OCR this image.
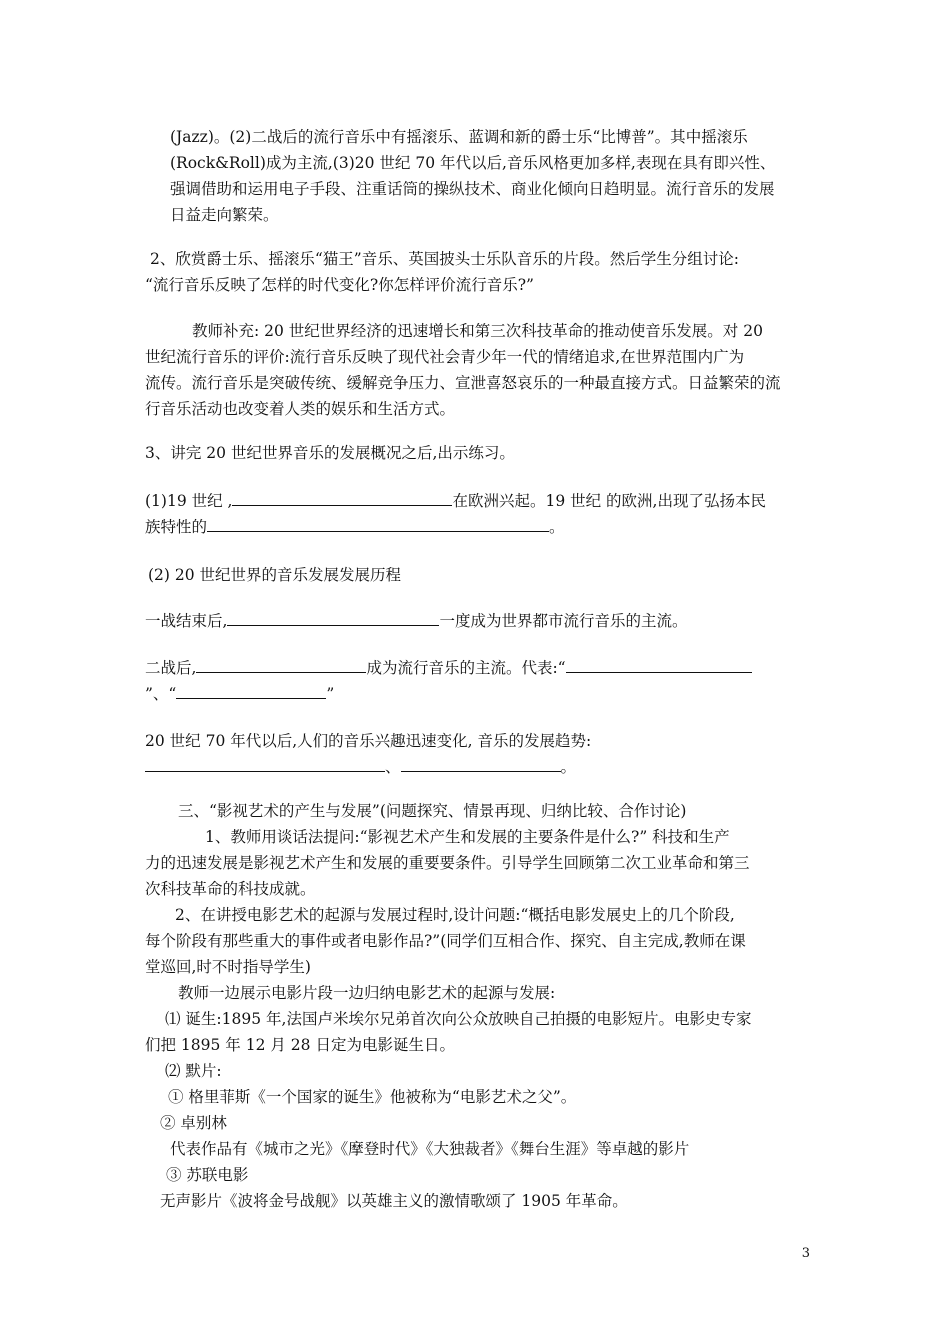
(Jazz)。(2)二战后的流行音乐中有摇滚乐、蓝调和新的爵士乐“比博普”。其中摇滚乐
(Rock&Roll)成为主流,(3)20 世纪 70 年代以后,音乐风格更加多样,表现在具有即兴性、
强调借助和运用电子手段、注重话筒的操纵技术、商业化倾向日趋明显。流行音乐的发展
日益走向繁荣。
2、欣赏爵士乐、摇滚乐“猫王”音乐、英国披头士乐队音乐的片段。然后学生分组讨论:
“流行音乐反映了怎样的时代变化?你怎样评价流行音乐?”
教师补充: 20 世纪世界经济的迅速增长和第三次科技革命的推动使音乐发展。对 20
世纪流行音乐的评价:流行音乐反映了现代社会青少年一代的情绪追求,在世界范围内广为
流传。流行音乐是突破传统、缓解竞争压力、宣泄喜怒哀乐的一种最直接方式。日益繁荣的流
行音乐活动也改变着人类的娱乐和生活方式。
3、讲完 20 世纪世界音乐的发展概况之后,出示练习。
(1)19 世纪 ,	在欧洲兴起。19 世纪 的欧洲,出现了弘扬本民
族特性的	。
(2) 20 世纪世界的音乐发展发展历程
一战结束后,	一度成为世界都市流行音乐的主流。
二战后,	成为流行音乐的主流。代表:“
”、“	”
20 世纪 70 年代以后,人们的音乐兴趣迅速变化, 音乐的发展趋势:
、	。
三、“影视艺术的产生与发展”(问题探究、情景再现、归纳比较、合作讨论)
1、教师用谈话法提问:“影视艺术产生和发展的主要条件是什么?” 科技和生产
力的迅速发展是影视艺术产生和发展的重要要条件。引导学生回顾第二次工业革命和第三
次科技革命的科技成就。
2、在讲授电影艺术的起源与发展过程时,设计问题:“概括电影发展史上的几个阶段,
每个阶段有那些重大的事件或者电影作品?”(同学们互相合作、探究、自主完成,教师在课
堂巡回,时不时指导学生)
教师一边展示电影片段一边归纳电影艺术的起源与发展:
⑴ 诞生:1895 年,法国卢米埃尔兄弟首次向公众放映自己拍摄的电影短片。电影史专家
们把 1895 年 12 月 28 日定为电影诞生日。
⑵ 默片:
① 格里菲斯《一个国家的诞生》他被称为“电影艺术之父”。
② 卓别林
代表作品有《城市之光》《摩登时代》《大独裁者》《舞台生涯》等卓越的影片
③ 苏联电影
无声影片《波将金号战舰》以英雄主义的激情歌颂了 1905 年革命。
3
